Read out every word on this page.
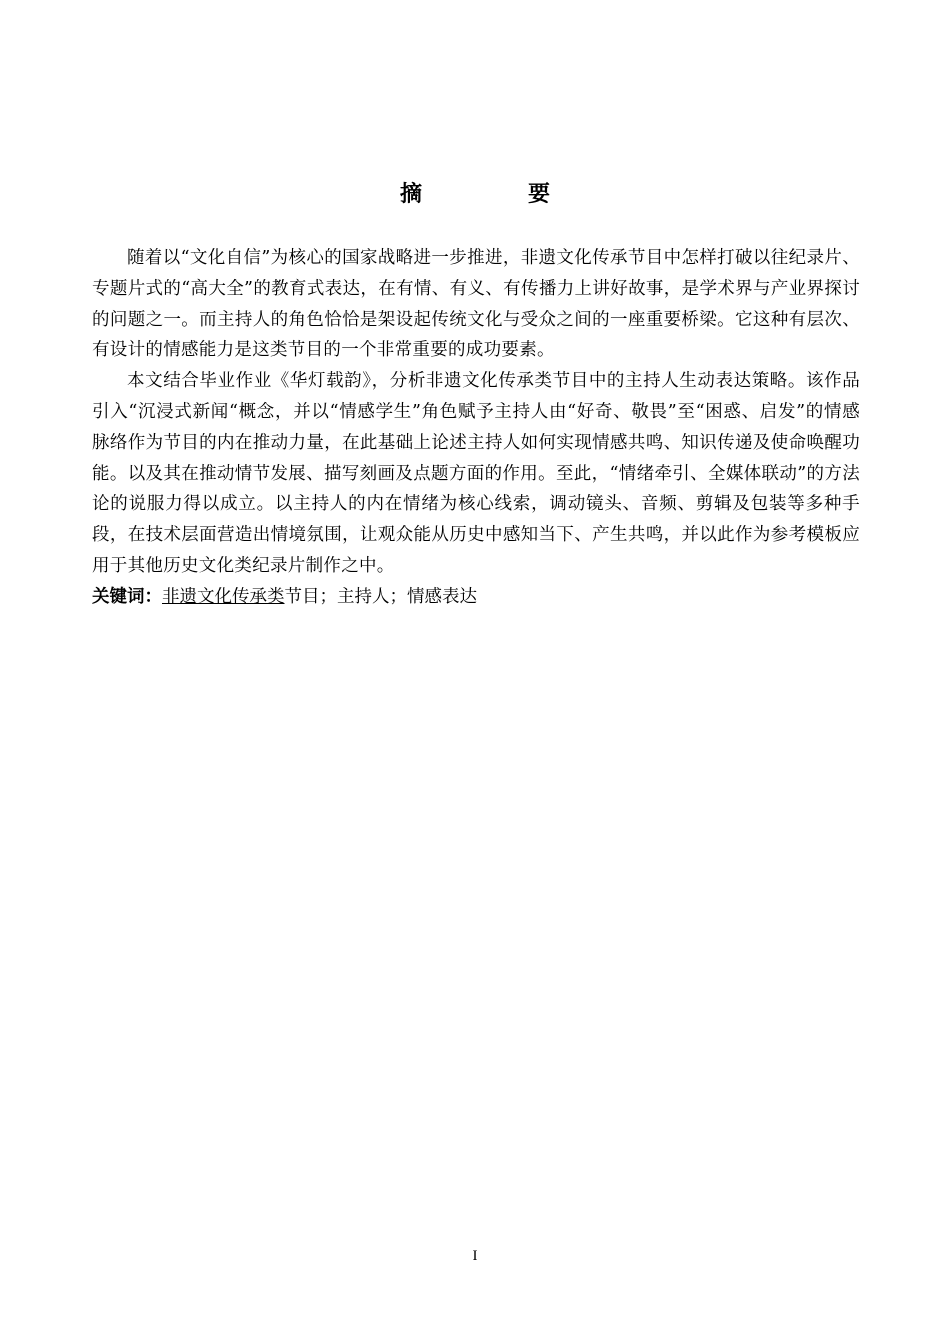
摘　要

随着以“文化自信”为核心的国家战略进一步推进，非遗文化传承节目中怎样打破以往纪录片、专题片式的“高大全”的教育式表达，在有情、有义、有传播力上讲好故事，是学术界与产业界探讨的问题之一。而主持人的角色恰恰是架设起传统文化与受众之间的一座重要桥梁。它这种有层次、有设计的情感能力是这类节目的一个非常重要的成功要素。

本文结合毕业作业《华灯载韵》，分析非遗文化传承类节目中的主持人生动表达策略。该作品引入“沉浸式新闻“概念，并以“情感学生”角色赋予主持人由“好奇、敬畏”至“困惑、启发”的情感脉络作为节目的内在推动力量，在此基础上论述主持人如何实现情感共鸣、知识传递及使命唤醒功能。以及其在推动情节发展、描写刻画及点题方面的作用。至此，“情绪牵引、全媒体联动”的方法论的说服力得以成立。以主持人的内在情绪为核心线索，调动镜头、音频、剪辑及包装等多种手段，在技术层面营造出情境氛围，让观众能从历史中感知当下、产生共鸣，并以此作为参考模板应用于其他历史文化类纪录片制作之中。

关键词：非遗文化传承类节目；主持人；情感表达

I
